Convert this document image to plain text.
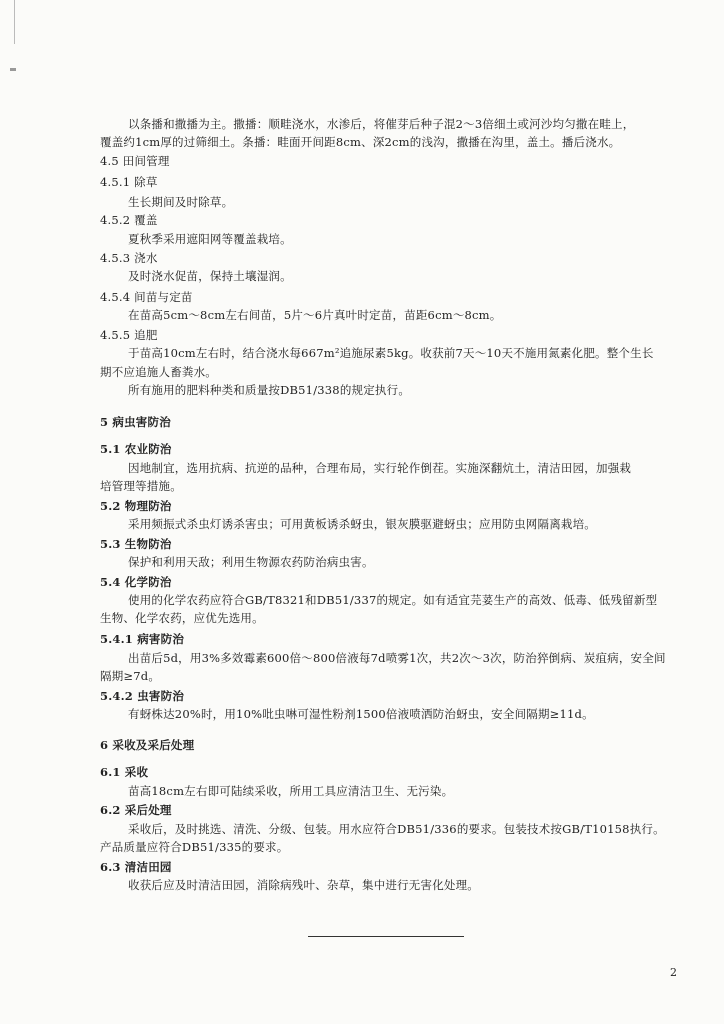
以条播和撒播为主。撒播：顺畦浇水，水渗后，将催芽后种子混2～3倍细土或河沙均匀撒在畦上，
覆盖约1cm厚的过筛细土。条播：畦面开间距8cm、深2cm的浅沟，撒播在沟里，盖土。播后浇水。
4.5 田间管理
4.5.1 除草
生长期间及时除草。
4.5.2 覆盖
夏秋季采用遮阳网等覆盖栽培。
4.5.3 浇水
及时浇水促苗，保持土壤湿润。
4.5.4 间苗与定苗
在苗高5cm～8cm左右间苗，5片～6片真叶时定苗，苗距6cm～8cm。
4.5.5 追肥
于苗高10cm左右时，结合浇水每667m²追施尿素5kg。收获前7天～10天不施用氮素化肥。整个生长
期不应追施人畜粪水。
所有施用的肥料种类和质量按DB51/338的规定执行。
5 病虫害防治
5.1 农业防治
因地制宜，选用抗病、抗逆的品种，合理布局，实行轮作倒茬。实施深翻炕土，清洁田园，加强栽
培管理等措施。
5.2 物理防治
采用频振式杀虫灯诱杀害虫；可用黄板诱杀蚜虫，银灰膜驱避蚜虫；应用防虫网隔离栽培。
5.3 生物防治
保护和利用天敌；利用生物源农药防治病虫害。
5.4 化学防治
使用的化学农药应符合GB/T8321和DB51/337的规定。如有适宜芫荽生产的高效、低毒、低残留新型
生物、化学农药，应优先选用。
5.4.1 病害防治
出苗后5d，用3%多效霉素600倍～800倍液每7d喷雾1次，共2次～3次，防治猝倒病、炭疽病，安全间
隔期≥7d。
5.4.2 虫害防治
有蚜株达20%时，用10%吡虫啉可湿性粉剂1500倍液喷洒防治蚜虫，安全间隔期≥11d。
6 采收及采后处理
6.1 采收
苗高18cm左右即可陆续采收，所用工具应清洁卫生、无污染。
6.2 采后处理
采收后，及时挑选、清洗、分级、包装。用水应符合DB51/336的要求。包装技术按GB/T10158执行。
产品质量应符合DB51/335的要求。
6.3 清洁田园
收获后应及时清洁田园，消除病残叶、杂草，集中进行无害化处理。
2
